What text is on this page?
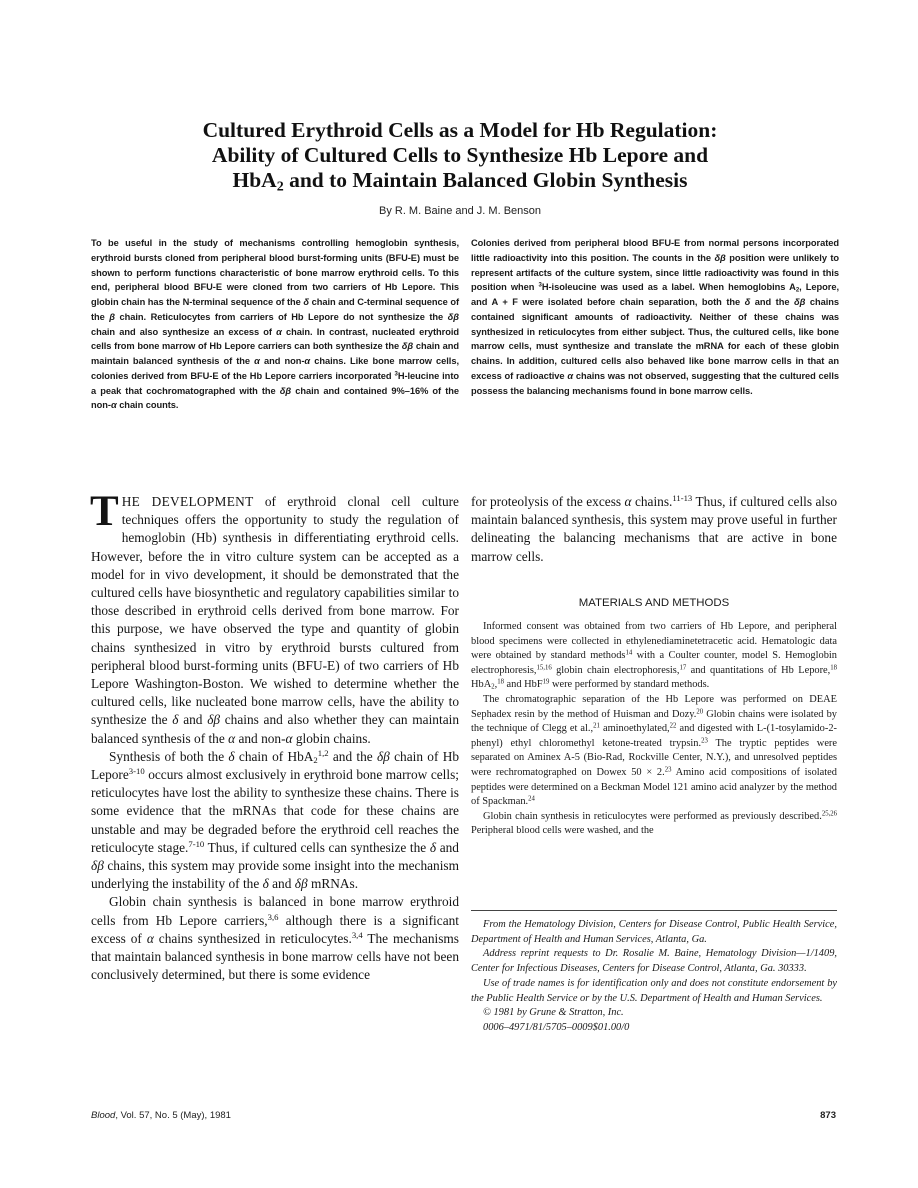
Cultured Erythroid Cells as a Model for Hb Regulation:
Ability of Cultured Cells to Synthesize Hb Lepore and
HbA$_2$ and to Maintain Balanced Globin Synthesis
By R. M. Baine and J. M. Benson
To be useful in the study of mechanisms controlling hemoglobin synthesis, erythroid bursts cloned from peripheral blood burst-forming units (BFU-E) must be shown to perform functions characteristic of bone marrow erythroid cells. To this end, peripheral blood BFU-E were cloned from two carriers of Hb Lepore. This globin chain has the N-terminal sequence of the δ chain and C-terminal sequence of the β chain. Reticulocytes from carriers of Hb Lepore do not synthesize the δβ chain and also synthesize an excess of α chain. In contrast, nucleated erythroid cells from bone marrow of Hb Lepore carriers can both synthesize the δβ chain and maintain balanced synthesis of the α and non-α chains. Like bone marrow cells, colonies derived from BFU-E of the Hb Lepore carriers incorporated $^3$H-leucine into a peak that cochromatographed with the δβ chain and contained 9%–16% of the non-α chain counts.
Colonies derived from peripheral blood BFU-E from normal persons incorporated little radioactivity into this position. The counts in the δβ position were unlikely to represent artifacts of the culture system, since little radioactivity was found in this position when $^3$H-isoleucine was used as a label. When hemoglobins $A_2$, Lepore, and A + F were isolated before chain separation, both the δ and the δβ chains contained significant amounts of radioactivity. Neither of these chains was synthesized in reticulocytes from either subject. Thus, the cultured cells, like bone marrow cells, must synthesize and translate the mRNA for each of these globin chains. In addition, cultured cells also behaved like bone marrow cells in that an excess of radioactive α chains was not observed, suggesting that the cultured cells possess the balancing mechanisms found in bone marrow cells.

THE DEVELOPMENT of erythroid clonal cell culture techniques offers the opportunity to study the regulation of hemoglobin (Hb) synthesis in differentiating erythroid cells. However, before the in vitro culture system can be accepted as a model for in vivo development, it should be demonstrated that the cultured cells have biosynthetic and regulatory capabilities similar to those described in erythroid cells derived from bone marrow. For this purpose, we have observed the type and quantity of globin chains synthesized in vitro by erythroid bursts cultured from peripheral blood burst-forming units (BFU-E) of two carriers of Hb Lepore Washington-Boston. We wished to determine whether the cultured cells, like nucleated bone marrow cells, have the ability to synthesize the δ and δβ chains and also whether they can maintain balanced synthesis of the α and non-α globin chains.

Synthesis of both the δ chain of HbA$_2^{1,2}$ and the δβ chain of Hb Lepore$^{3-10}$ occurs almost exclusively in erythroid bone marrow cells; reticulocytes have lost the ability to synthesize these chains. There is some evidence that the mRNAs that code for these chains are unstable and may be degraded before the erythroid cell reaches the reticulocyte stage.$^{7-10}$ Thus, if cultured cells can synthesize the δ and δβ chains, this system may provide some insight into the mechanism underlying the instability of the δ and δβ mRNAs.

Globin chain synthesis is balanced in bone marrow erythroid cells from Hb Lepore carriers,$^{3,6}$ although there is a significant excess of α chains synthesized in reticulocytes.$^{3,4}$ The mechanisms that maintain balanced synthesis in bone marrow cells have not been conclusively determined, but there is some evidence

for proteolysis of the excess α chains.$^{11-13}$ Thus, if cultured cells also maintain balanced synthesis, this system may prove useful in further delineating the balancing mechanisms that are active in bone marrow cells.

MATERIALS AND METHODS

Informed consent was obtained from two carriers of Hb Lepore, and peripheral blood specimens were collected in ethylenediaminetetracetic acid. Hematologic data were obtained by standard methods$^{14}$ with a Coulter counter, model S. Hemoglobin electrophoresis,$^{15,16}$ globin chain electrophoresis,$^{17}$ and quantitations of Hb Lepore,$^{18}$ HbA$_2$,$^{18}$ and HbF$^{19}$ were performed by standard methods.

The chromatographic separation of the Hb Lepore was performed on DEAE Sephadex resin by the method of Huisman and Dozy.$^{20}$ Globin chains were isolated by the technique of Clegg et al.,$^{21}$ aminoethylated,$^{22}$ and digested with L-(1-tosylamido-2-phenyl) ethyl chloromethyl ketone-treated trypsin.$^{23}$ The tryptic peptides were separated on Aminex A-5 (Bio-Rad, Rockville Center, N.Y.), and unresolved peptides were rechromatographed on Dowex 50 × 2.23 Amino acid compositions of isolated peptides were determined on a Beckman Model 121 amino acid analyzer by the method of Spackman.$^{24}$

Globin chain synthesis in reticulocytes were performed as previously described.$^{25,26}$ Peripheral blood cells were washed, and the

From the Hematology Division, Centers for Disease Control, Public Health Service, Department of Health and Human Services, Atlanta, Ga.

Address reprint requests to Dr. Rosalie M. Baine, Hematology Division—1/1409, Center for Infectious Diseases, Centers for Disease Control, Atlanta, Ga. 30333.

Use of trade names is for identification only and does not constitute endorsement by the Public Health Service or by the U.S. Department of Health and Human Services.

© 1981 by Grune & Stratton, Inc.

0006–4971/81/5705–0009$01.00/0

Blood, Vol. 57, No. 5 (May), 1981	873
